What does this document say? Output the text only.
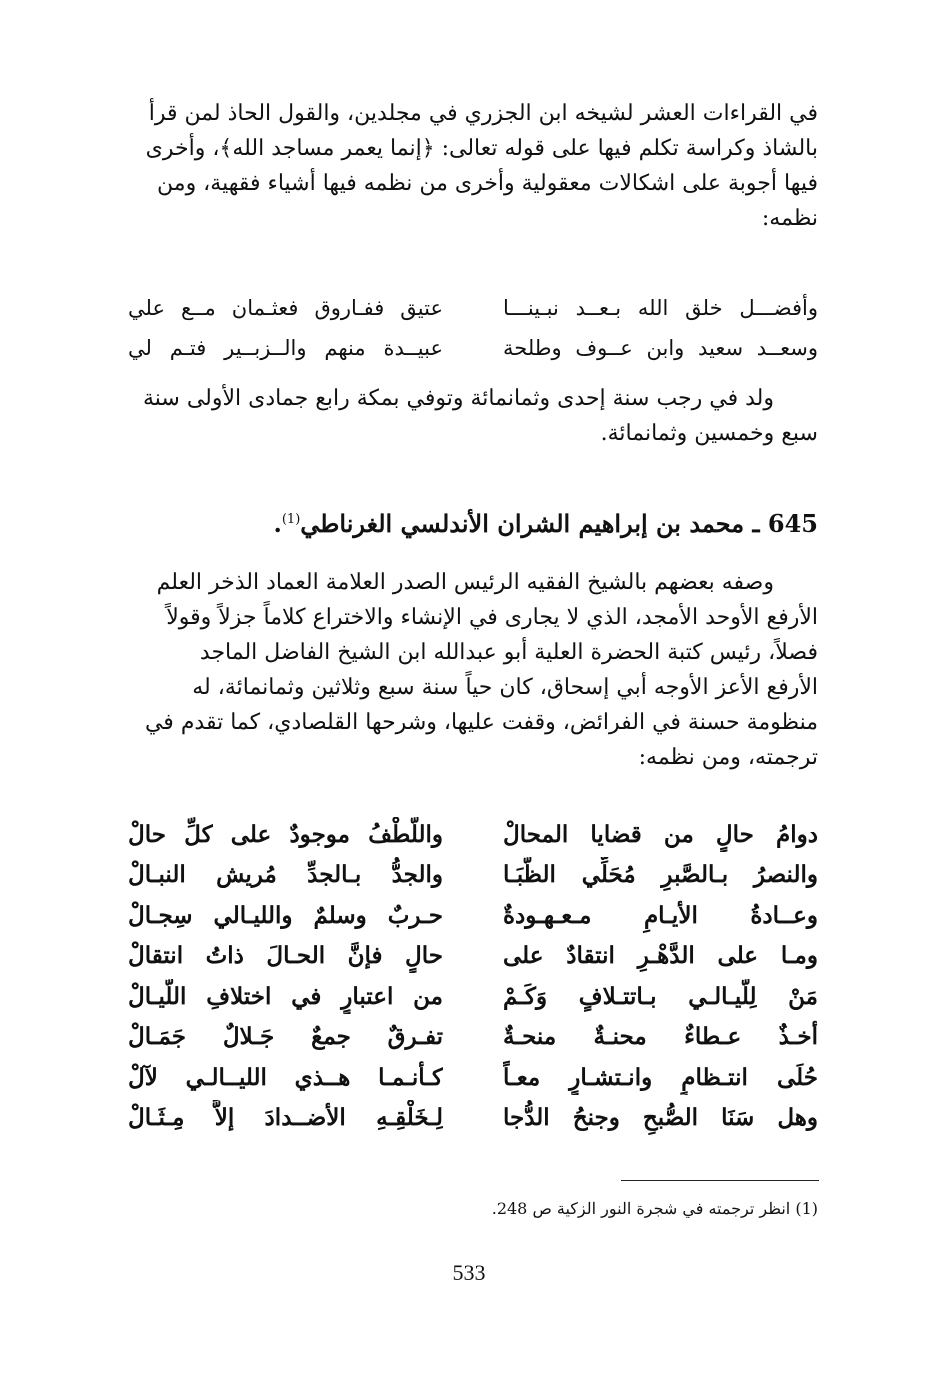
في القراءات العشر لشيخه ابن الجزري في مجلدين، والقول الحاذ لمن قرأ

بالشاذ وكراسة تكلم فيها على قوله تعالى: ﴿إنما يعمر مساجد الله﴾، وأخرى

فيها أجوبة على اشكالات معقولية وأخرى من نظمه فيها أشياء فقهية، ومن

نظمه:

وأفضـــل خلق الله بـعــد نبـينـــا
عتيق ففـاروق فعثـمان مــع علي
وسعــد سعيد وابن عــوف وطلحة
عبيــدة منهم والــزبــير فتـم لي

ولد في رجب سنة إحدى وثمانمائة وتوفي بمكة رابع جمادى الأولى سنة

سبع وخمسين وثمانمائة.

645 ـ محمد بن إبراهيم الشران الأندلسي الغرناطي$^{(1)}$.

وصفه بعضهم بالشيخ الفقيه الرئيس الصدر العلامة العماد الذخر العلم

الأرفع الأوحد الأمجد، الذي لا يجارى في الإنشاء والاختراع كلاماً جزلاً وقولاً

فصلاً، رئيس كتبة الحضرة العلية أبو عبدالله ابن الشيخ الفاضل الماجد

الأرفع الأعز الأوجه أبي إسحاق، كان حياً سنة سبع وثلاثين وثمانمائة، له

منظومة حسنة في الفرائض، وقفت عليها، وشرحها القلصادي، كما تقدم في

ترجمته، ومن نظمه:

دوامُ حالٍ من قضايا المحالْ
واللُّطْفُ موجودٌ على كلِّ حالْ
والنصرُ بـالصَّبرِ مُحَلِّي الظُّبَـا
والجدُّ بـالجدِّ مُريش النبـالْ
وعــادةُ الأيـامِ مـعـهـودةٌ
حـربٌ وسلمٌ والليـالي سِجـالْ
ومـا على الدَّهْـرِ انتقادٌ على
حالٍ فإنَّ الحـالَ ذاتُ انتقالْ
مَنْ لِلَّيـالـي بـاتتـلافٍ وَكَـمْ
من اعتبارٍ في اختلافِ اللَّيـالْ
أخـذٌ عـطاءٌ محنـةٌ منحـةٌ
تفـرقٌ جمعٌ جَـلالٌ جَمَـالْ
حُلَى انتـظامٍ وانـتشـارٍ معـاً
كـأنـمـا هــذي الليــالـي لآلْ
وهل سَنَا الصُّبحِ وجنحُ الدُّجا
لِـخَلْقِـهِ الأضــدادَ إلاَّ مِـثَـالْ
(1) انظر ترجمته في شجرة النور الزكية ص 248.
533
